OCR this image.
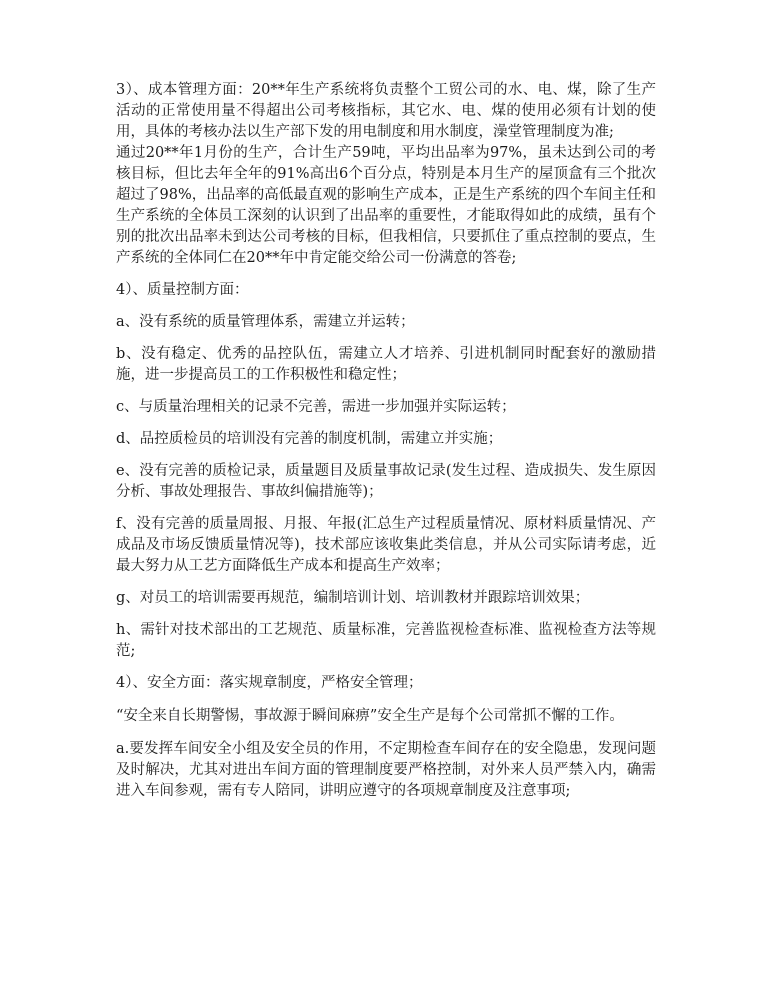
3）、成本管理方面：20**年生产系统将负责整个工贸公司的水、电、煤，除了生产活动的正常使用量不得超出公司考核指标，其它水、电、煤的使用必须有计划的使用，具体的考核办法以生产部下发的用电制度和用水制度，澡堂管理制度为准;

通过20**年1月份的生产，合计生产59吨，平均出品率为97%，虽未达到公司的考核目标，但比去年全年的91%高出6个百分点，特别是本月生产的屋顶盒有三个批次超过了98%，出品率的高低最直观的影响生产成本，正是生产系统的四个车间主任和生产系统的全体员工深刻的认识到了出品率的重要性，才能取得如此的成绩，虽有个别的批次出品率未到达公司考核的目标，但我相信，只要抓住了重点控制的要点，生产系统的全体同仁在20**年中肯定能交给公司一份满意的答卷;

4）、质量控制方面：

a、没有系统的质量管理体系，需建立并运转；

b、没有稳定、优秀的品控队伍，需建立人才培养、引进机制同时配套好的激励措施，进一步提高员工的工作积极性和稳定性；

c、与质量治理相关的记录不完善，需进一步加强并实际运转；

d、品控质检员的培训没有完善的制度机制，需建立并实施；

e、没有完善的质检记录，质量题目及质量事故记录(发生过程、造成损失、发生原因分析、事故处理报告、事故纠偏措施等)；

f、没有完善的质量周报、月报、年报(汇总生产过程质量情况、原材料质量情况、产成品及市场反馈质量情况等)，技术部应该收集此类信息，并从公司实际请考虑，近最大努力从工艺方面降低生产成本和提高生产效率；

g、对员工的培训需要再规范，编制培训计划、培训教材并跟踪培训效果；

h、需针对技术部出的工艺规范、质量标准，完善监视检查标准、监视检查方法等规范;

4）、安全方面：落实规章制度，严格安全管理；

“安全来自长期警惕，事故源于瞬间麻痹”安全生产是每个公司常抓不懈的工作。

a.要发挥车间安全小组及安全员的作用，不定期检查车间存在的安全隐患，发现问题及时解决，尤其对进出车间方面的管理制度要严格控制，对外来人员严禁入内，确需进入车间参观，需有专人陪同，讲明应遵守的各项规章制度及注意事项;
